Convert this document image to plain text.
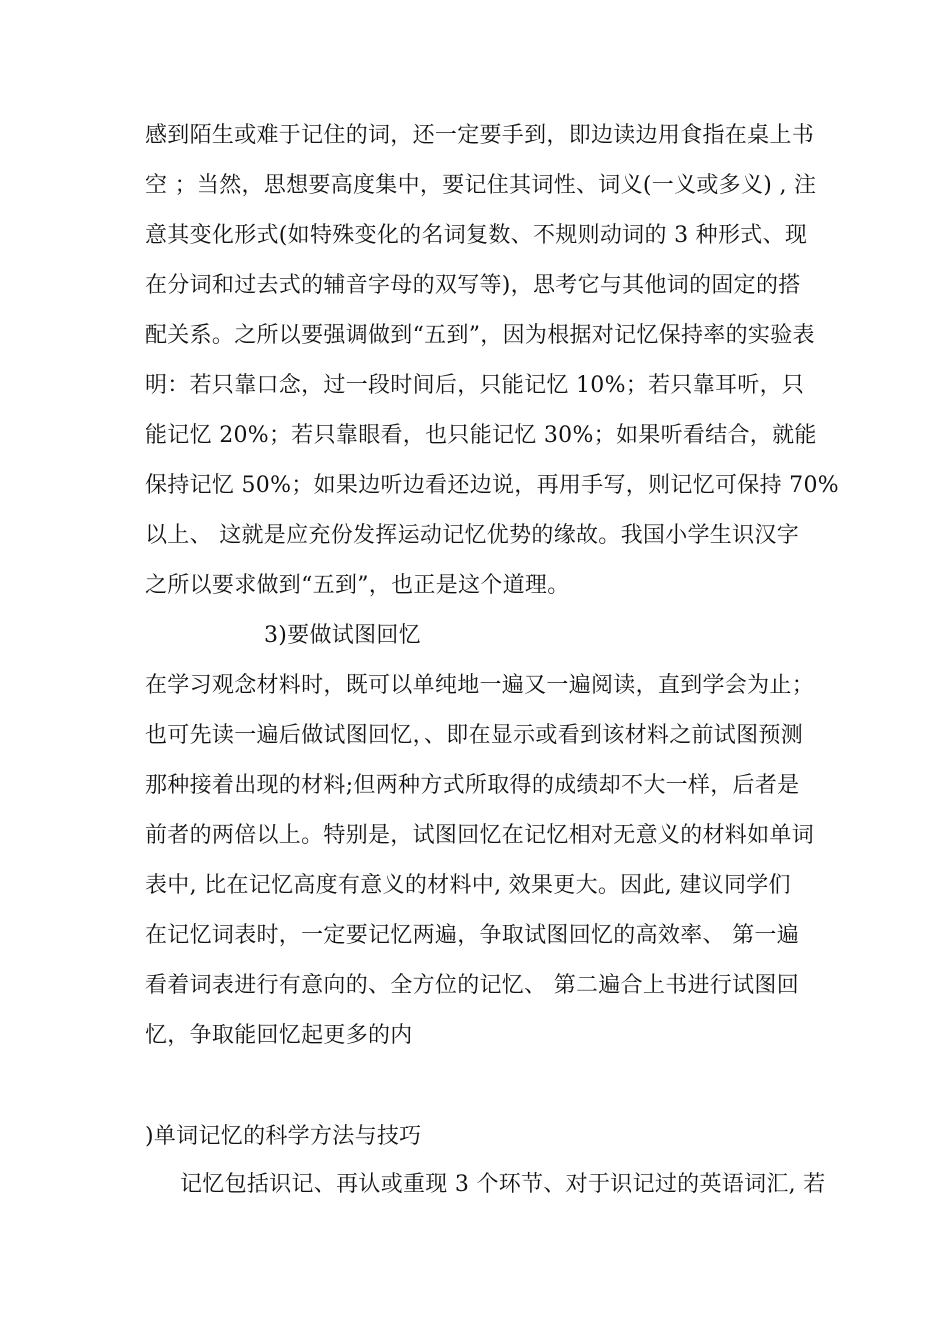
感到陌生或难于记住的词，还一定要手到，即边读边用食指在桌上书
空 ；当然，思想要高度集中，要记住其词性、词义(一义或多义) , 注
意其变化形式(如特殊变化的名词复数、不规则动词的 3 种形式、现
在分词和过去式的辅音字母的双写等)，思考它与其他词的固定的搭
配关系。之所以要强调做到“五到”，因为根据对记忆保持率的实验表
明：若只靠口念，过一段时间后，只能记忆 10%；若只靠耳听，只
能记忆 20%；若只靠眼看，也只能记忆 30%；如果听看结合，就能
保持记忆 50%；如果边听边看还边说，再用手写，则记忆可保持 70%
以上、 这就是应充份发挥运动记忆优势的缘故。我国小学生识汉字
之所以要求做到“五到”，也正是这个道理。
3)要做试图回忆
在学习观念材料时，既可以单纯地一遍又一遍阅读，直到学会为止；
也可先读一遍后做试图回忆，、即在显示或看到该材料之前试图预测
那种接着出现的材料;但两种方式所取得的成绩却不大一样，后者是
前者的两倍以上。特别是，试图回忆在记忆相对无意义的材料如单词
表中, 比在记忆高度有意义的材料中, 效果更大。因此, 建议同学们
在记忆词表时，一定要记忆两遍，争取试图回忆的高效率、 第一遍
看着词表进行有意向的、全方位的记忆、 第二遍合上书进行试图回
忆，争取能回忆起更多的内
)单词记忆的科学方法与技巧
记忆包括识记、再认或重现 3 个环节、对于识记过的英语词汇, 若
